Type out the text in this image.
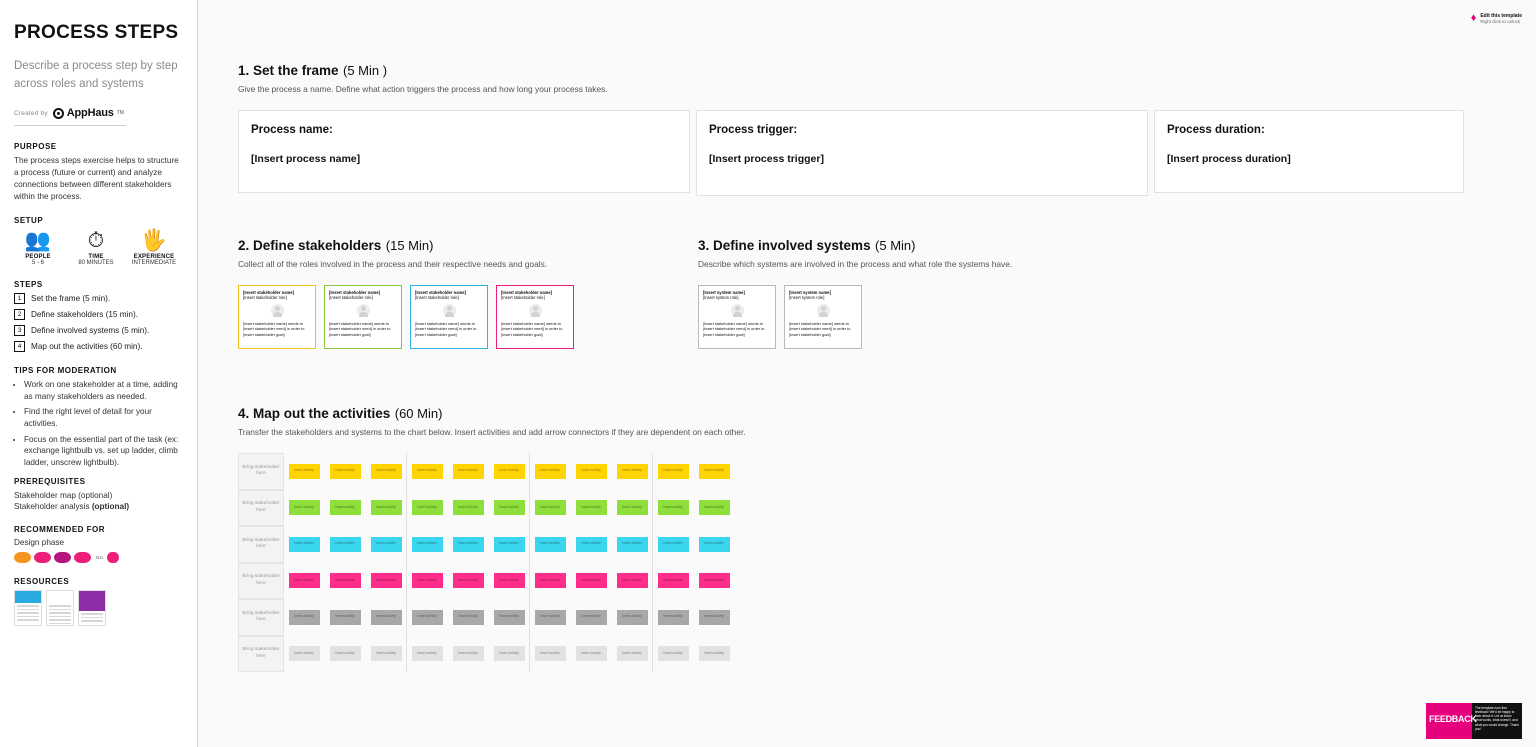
PROCESS STEPS
Describe a process step by step across roles and systems
Created by AppHaus TM
PURPOSE
The process steps exercise helps to structure a process (future or current) and analyze connections between different stakeholders within the process.
SETUP
👥
PEOPLE
5 - 6
⏱
TIME
80 MINUTES
🖐
EXPERIENCE
INTERMEDIATE
STEPS
1	Set the frame (5 min).
2	Define stakeholders (15 min).
3	Define involved systems (5 min).
4	Map out the activities (60 min).
TIPS FOR MODERATION
• Work on one stakeholder at a time, adding as many stakeholders as needed.
• Find the right level of detail for your activities.
• Focus on the essential part of the task (ex: exchange lightbulb vs. set up ladder, climb ladder, unscrew lightbulb).
PREREQUISITES
Stakeholder map (optional)
Stakeholder analysis (optional)
RECOMMENDED FOR
Design phase
Nxt.
RESOURCES
♦ Edit this template
Right click to unlock
1. Set the frame (5 Min )
Give the process a name. Define what action triggers the process and how long your process takes.
Process name:
[Insert process name]
Process trigger:
[Insert process trigger]
Process duration:
[Insert process duration]
2. Define stakeholders (15 Min)
Collect all of the roles involved in the process and their respective needs and goals.
[Insert stakeholder name]
[Insert stakeholder role]
[Insert stakeholder name] needs to [Insert stakeholder need] in order to [Insert stakeholder goal]
[Insert stakeholder name]
[Insert stakeholder role]
[Insert stakeholder name] needs to [Insert stakeholder need] in order to [Insert stakeholder goal]
[Insert stakeholder name]
[Insert stakeholder role]
[Insert stakeholder name] needs to [Insert stakeholder need] in order to [Insert stakeholder goal]
[Insert stakeholder name]
[Insert stakeholder role]
[Insert stakeholder name] needs to [Insert stakeholder need] in order to [Insert stakeholder goal]
3. Define involved systems (5 Min)
Describe which systems are involved in the process and what role the systems have.
[Insert system name]
[Insert system role]
[Insert stakeholder name] needs to [Insert stakeholder need] in order to [Insert stakeholder goal]
[Insert system name]
[Insert system role]
[Insert stakeholder name] needs to [Insert stakeholder need] in order to [Insert stakeholder goal]
4. Map out the activities (60 Min)
Transfer the stakeholders and systems to the chart below. Insert activities and add arrow connectors if they are dependent on each other.
Bring stakeholder here
Insert activity	Insert activity	Insert activity	Insert activity	Insert activity	Insert activity	Insert activity	Insert activity	Insert activity	Insert activity	Insert activity
Bring stakeholder here
Insert activity	Insert activity	Insert activity	Insert activity	Insert activity	Insert activity	Insert activity	Insert activity	Insert activity	Insert activity	Insert activity
Bring stakeholder here
Insert activity	Insert activity	Insert activity	Insert activity	Insert activity	Insert activity	Insert activity	Insert activity	Insert activity	Insert activity	Insert activity
Bring stakeholder here
Insert activity	Insert activity	Insert activity	Insert activity	Insert activity	Insert activity	Insert activity	Insert activity	Insert activity	Insert activity	Insert activity
Bring stakeholder here
Insert activity	Insert activity	Insert activity	Insert activity	Insert activity	Insert activity	Insert activity	Insert activity	Insert activity	Insert activity	Insert activity
Bring stakeholder here
Insert activity	Insert activity	Insert activity	Insert activity	Insert activity	Insert activity	Insert activity	Insert activity	Insert activity	Insert activity	Insert activity
FEEDBACK
The template runs thru feedback! We'd be happy to hear about it. Let us know what works, what doesn't, and what you would change. Thank you!
